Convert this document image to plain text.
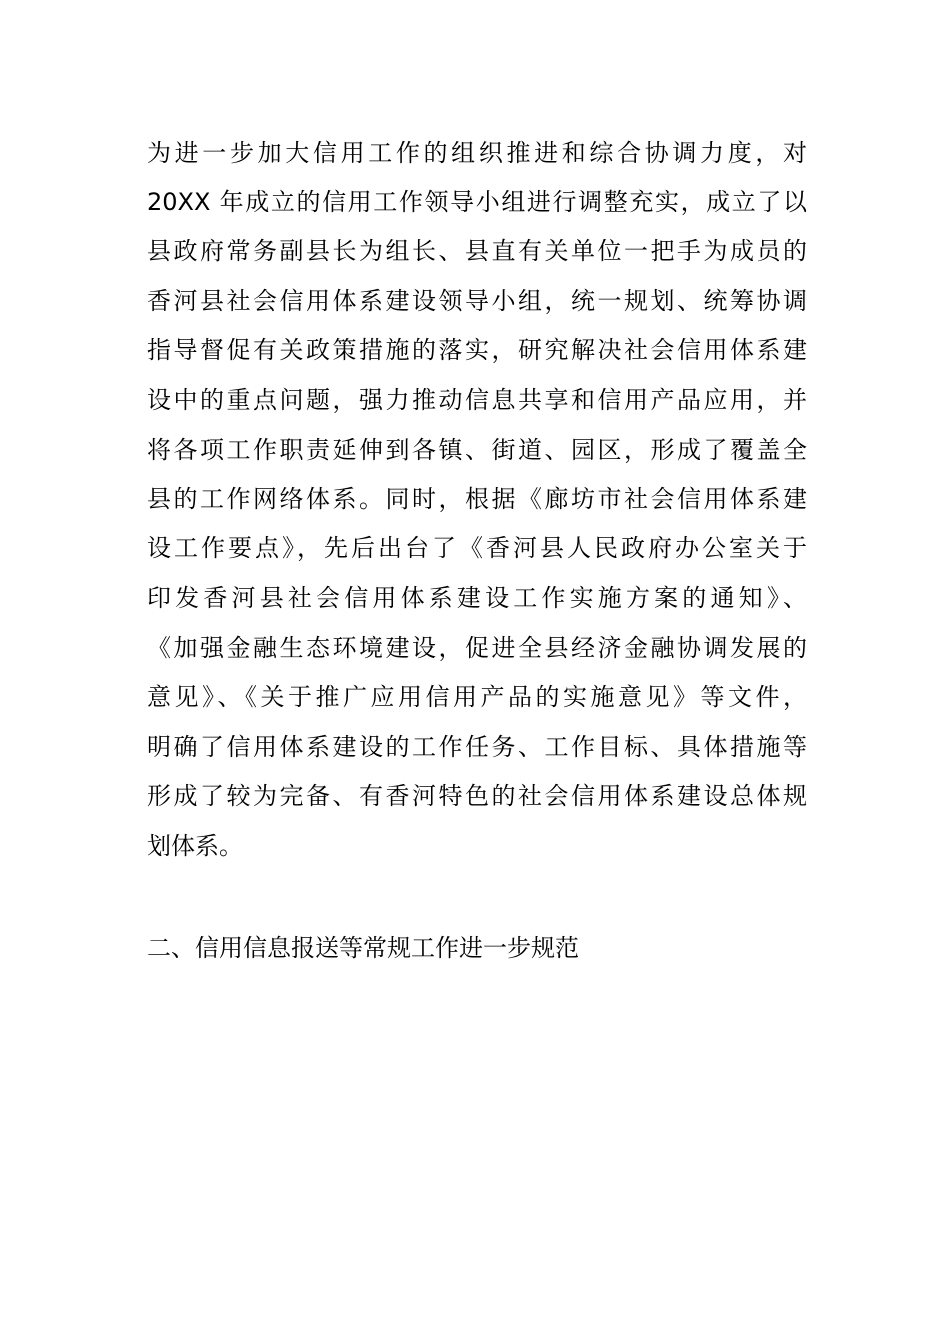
为进一步加大信用工作的组织推进和综合协调力度，对
20XX 年成立的信用工作领导小组进行调整充实，成立了以
县政府常务副县长为组长、县直有关单位一把手为成员的
香河县社会信用体系建设领导小组，统一规划、统筹协调
指导督促有关政策措施的落实，研究解决社会信用体系建
设中的重点问题，强力推动信息共享和信用产品应用，并
将各项工作职责延伸到各镇、街道、园区，形成了覆盖全
县的工作网络体系。同时，根据《廊坊市社会信用体系建
设工作要点》，先后出台了《香河县人民政府办公室关于
印发香河县社会信用体系建设工作实施方案的通知》、
《加强金融生态环境建设，促进全县经济金融协调发展的
意见》、《关于推广应用信用产品的实施意见》等文件，
明确了信用体系建设的工作任务、工作目标、具体措施等
形成了较为完备、有香河特色的社会信用体系建设总体规
划体系。
二、信用信息报送等常规工作进一步规范
